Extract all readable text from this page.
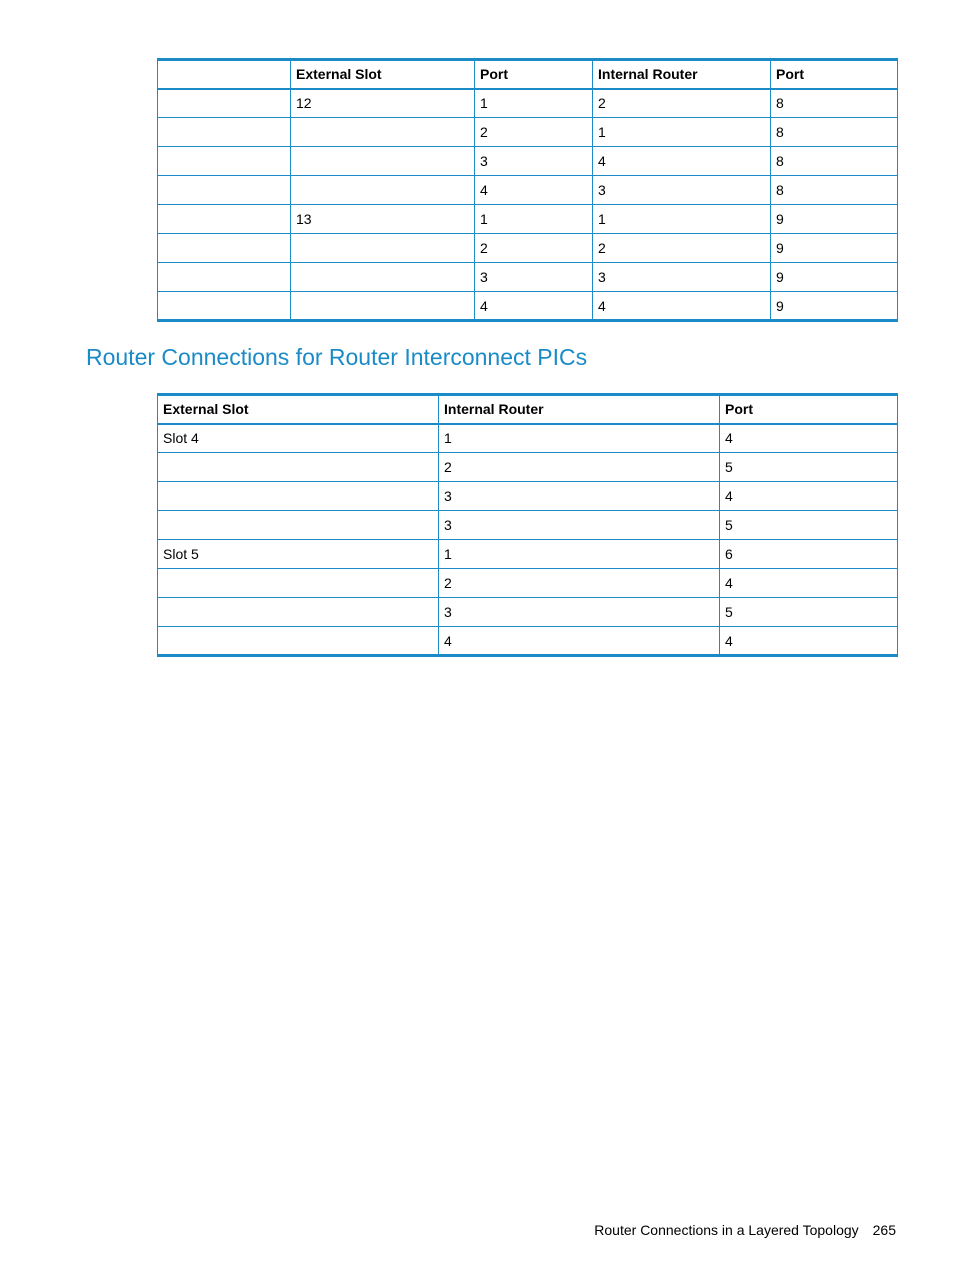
	External Slot	Port	Internal Router	Port
	12	1	2	8
		2	1	8
		3	4	8
		4	3	8
	13	1	1	9
		2	2	9
		3	3	9
		4	4	9
Router Connections for Router Interconnect PICs
External Slot	Internal Router	Port
Slot 4	1	4
	2	5
	3	4
	3	5
Slot 5	1	6
	2	4
	3	5
	4	4
Router Connections in a Layered Topology 265
